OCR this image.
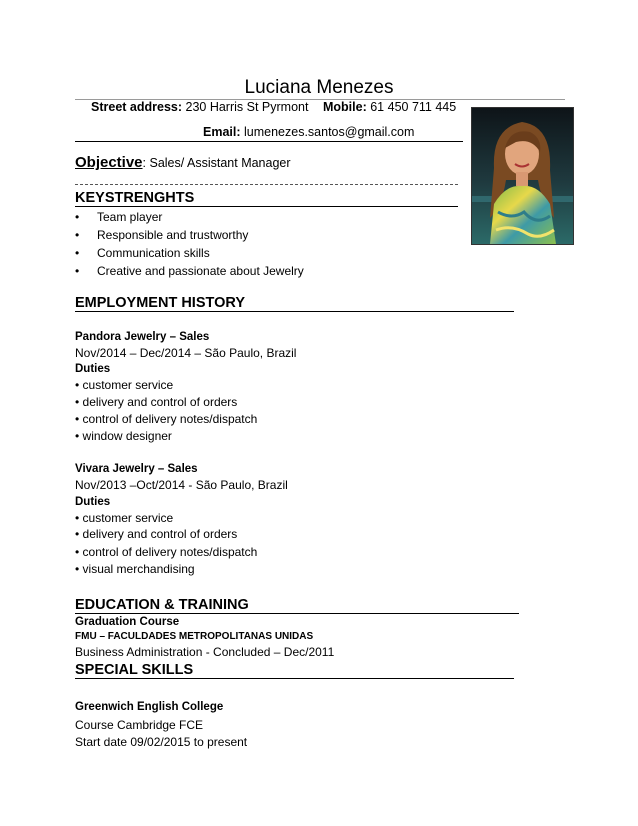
Luciana Menezes
Street address: 230 Harris St Pyrmont Mobile: 61 450 711 445
Email: lumenezes.santos@gmail.com
Objective: Sales/ Assistant Manager
KEYSTRENGHTS
• Team player
• Responsible and trustworthy
• Communication skills
• Creative and passionate about Jewelry
EMPLOYMENT HISTORY
Pandora Jewelry – Sales
Nov/2014 – Dec/2014 – São Paulo, Brazil
Duties
• customer service
• delivery and control of orders
• control of delivery notes/dispatch
• window designer
Vivara Jewelry – Sales
Nov/2013 –Oct/2014 - São Paulo, Brazil
Duties
• customer service
• delivery and control of orders
• control of delivery notes/dispatch
• visual merchandising
EDUCATION & TRAINING
Graduation Course
FMU – FACULDADES METROPOLITANAS UNIDAS
Business Administration - Concluded – Dec/2011
SPECIAL SKILLS
Greenwich English College
Course Cambridge FCE
Start date 09/02/2015 to present
